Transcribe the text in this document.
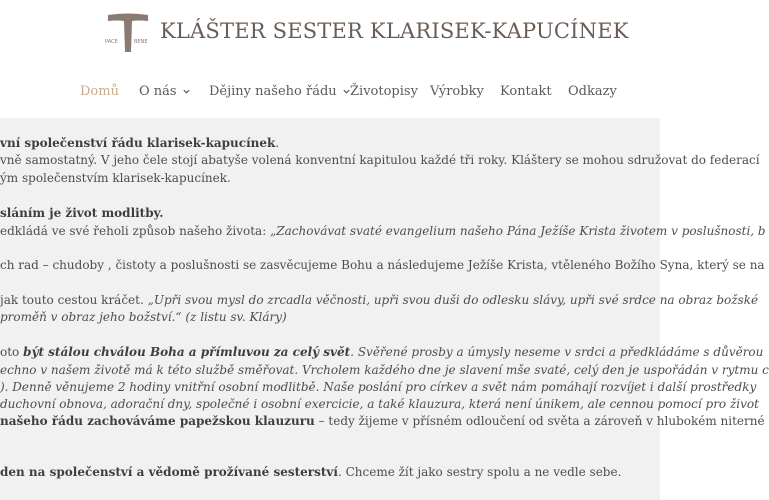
PACE	BENE KLÁŠTER SESTER KLARISEK-KAPUCÍNEK
Domů O nás Dějiny našeho řádu Životopisy Výrobky Kontakt Odkazy
vní společenství řádu klarisek-kapucínek.
vně samostatný. V jeho čele stojí abatyše volená konventní kapitulou každé tři roky. Kláštery se mohou sdružovat do federací
ým společenstvím klarisek-kapucínek.
sláním je život modlitby.
edkládá ve své řeholi způsob našeho života: „Zachovávat svaté evangelium našeho Pána Ježíše Krista životem v poslušnosti, b
ch rad – chudoby , čistoty a poslušnosti se zasvěcujeme Bohu a následujeme Ježíše Krista, vtěleného Božího Syna, který se na
jak touto cestou kráčet. „Upři svou mysl do zrcadla věčnosti, upři svou duši do odlesku slávy, upři své srdce na obraz božské
proměň v obraz jeho božství.“ (z listu sv. Kláry)
oto být stálou chválou Boha a přímluvou za celý svět. Svěřené prosby a úmysly neseme v srdci a předkládáme s důvěrou
echno v našem životě má k této službě směřovat. Vrcholem každého dne je slavení mše svaté, celý den je uspořádán v rytmu c
). Denně věnujeme 2 hodiny vnitřní osobní modlitbě. Naše poslání pro církev a svět nám pomáhají rozvíjet i další prostředky
duchovní obnova, adorační dny, společné i osobní exercicie, a také klauzura, která není únikem, ale cennou pomocí pro život
našeho řádu zachováváme papežskou klauzuru – tedy žijeme v přísném odloučení od světa a zároveň v hlubokém niterné
den na společenství a vědomě prožívané sesterství. Chceme žít jako sestry spolu a ne vedle sebe.
